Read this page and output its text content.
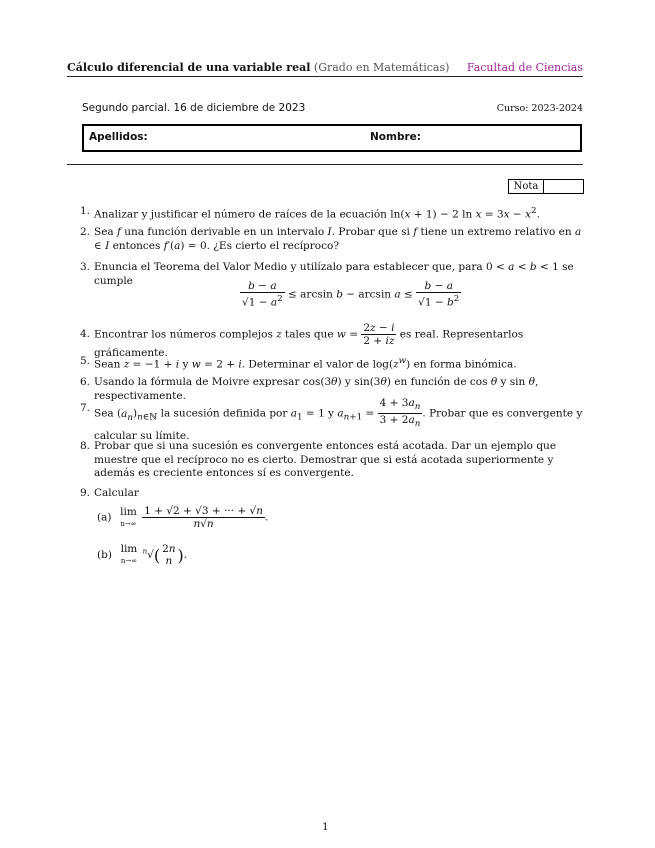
Cálculo diferencial de una variable real (Grado en Matemáticas) Facultad de Ciencias
Segundo parcial. 16 de diciembre de 2023	Curso: 2023-2024
Apellidos:	Nombre:
Nota
1. Analizar y justificar el número de raíces de la ecuación ln(x + 1) − 2 $\ln x = 3x - x^2$.
2. Sea f una función derivable en un intervalo I. Probar que si f tiene un extremo relativo en a ∈ I entonces f′(a) = 0. ¿Es cierto el recíproco?
3. Enuncia el Teorema del Valor Medio y utilízalo para establecer que, para 0 < a < b < 1 se cumple	$\frac{b - a}{√1 - a^2} \le \arcsin b - \arcsin a \le \frac{b - a}{√1 - b^2}$
4. Encontrar los números complejos z tales que $w = \frac{2z - i}{2 + iz}$ es real. Representarlos gráficamente.
5. Sean z = −1 + i y w = 2 + i. Determinar el valor de $\log(z^w)$ en forma binómica.
6. Usando la fórmula de Moivre expresar cos(3θ) y sin(3θ) en función de cos θ y sin θ, respectivamente.
7. Sea $(a_n)_{n\in ℕ}$ la sucesión definida por $a_1 = 1$ y $a_{n+1} = \frac{4 + 3a_n}{3 + 2a_n}$ . Probar que es convergente y calcular su límite.
8. Probar que si una sucesión es convergente entonces está acotada. Dar un ejemplo que muestre que el recíproco no es cierto. Demostrar que si está acotada superiormente y además es creciente entonces sí es convergente.
9. Calcular
(a) lim
n→∞
$\frac{1 + √2 + √3 + \cdot\cdot\cdot + √n}{n√n}$ .
(b) lim
n→∞
$^n$√( 2n
n ).
1
